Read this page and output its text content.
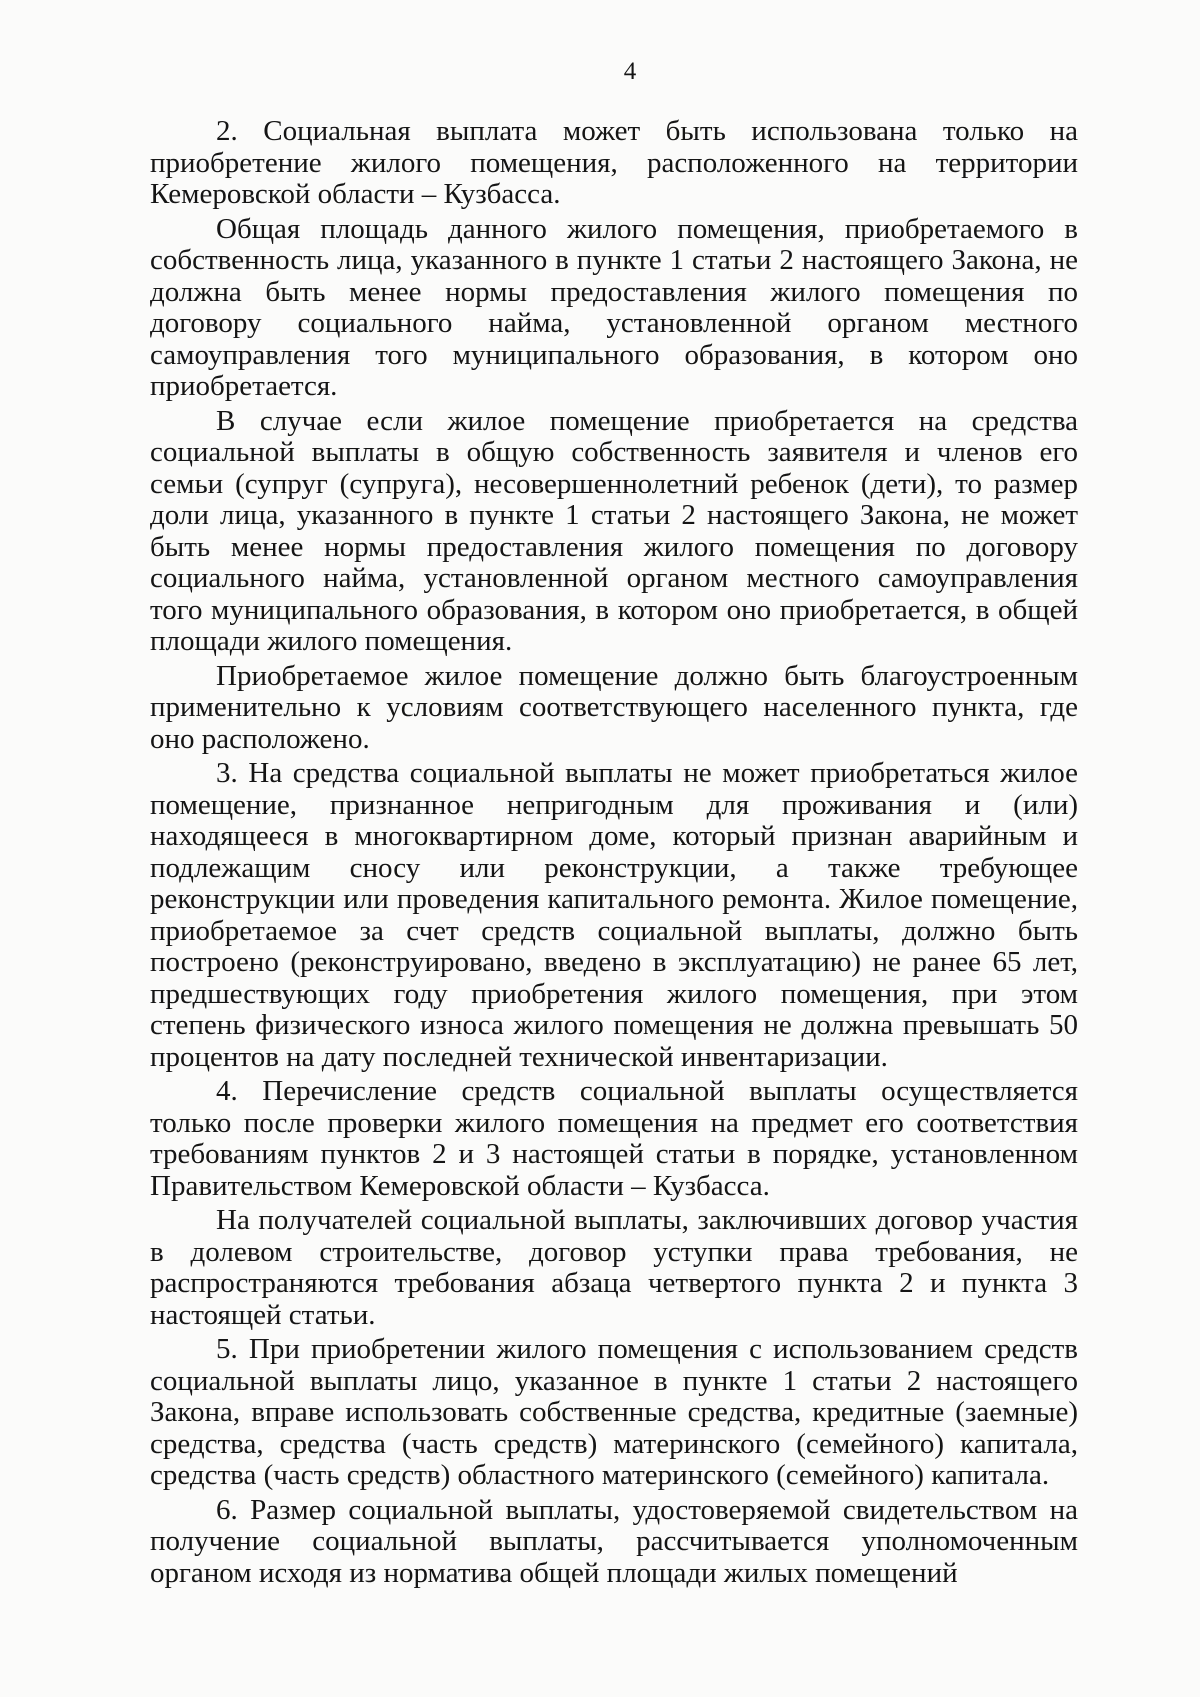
4

2. Социальная выплата может быть использована только на приобретение жилого помещения, расположенного на территории Кемеровской области – Кузбасса.

Общая площадь данного жилого помещения, приобретаемого в собственность лица, указанного в пункте 1 статьи 2 настоящего Закона, не должна быть менее нормы предоставления жилого помещения по договору социального найма, установленной органом местного самоуправления того муниципального образования, в котором оно приобретается.

В случае если жилое помещение приобретается на средства социальной выплаты в общую собственность заявителя и членов его семьи (супруг (супруга), несовершеннолетний ребенок (дети), то размер доли лица, указанного в пункте 1 статьи 2 настоящего Закона, не может быть менее нормы предоставления жилого помещения по договору социального найма, установленной органом местного самоуправления того муниципального образования, в котором оно приобретается, в общей площади жилого помещения.

Приобретаемое жилое помещение должно быть благоустроенным применительно к условиям соответствующего населенного пункта, где оно расположено.

3. На средства социальной выплаты не может приобретаться жилое помещение, признанное непригодным для проживания и (или) находящееся в многоквартирном доме, который признан аварийным и подлежащим сносу или реконструкции, а также требующее реконструкции или проведения капитального ремонта. Жилое помещение, приобретаемое за счет средств социальной выплаты, должно быть построено (реконструировано, введено в эксплуатацию) не ранее 65 лет, предшествующих году приобретения жилого помещения, при этом степень физического износа жилого помещения не должна превышать 50 процентов на дату последней технической инвентаризации.

4. Перечисление средств социальной выплаты осуществляется только после проверки жилого помещения на предмет его соответствия требованиям пунктов 2 и 3 настоящей статьи в порядке, установленном Правительством Кемеровской области – Кузбасса.

На получателей социальной выплаты, заключивших договор участия в долевом строительстве, договор уступки права требования, не распространяются требования абзаца четвертого пункта 2 и пункта 3 настоящей статьи.

5. При приобретении жилого помещения с использованием средств социальной выплаты лицо, указанное в пункте 1 статьи 2 настоящего Закона, вправе использовать собственные средства, кредитные (заемные) средства, средства (часть средств) материнского (семейного) капитала, средства (часть средств) областного материнского (семейного) капитала.

6. Размер социальной выплаты, удостоверяемой свидетельством на получение социальной выплаты, рассчитывается уполномоченным органом исходя из норматива общей площади жилых помещений
